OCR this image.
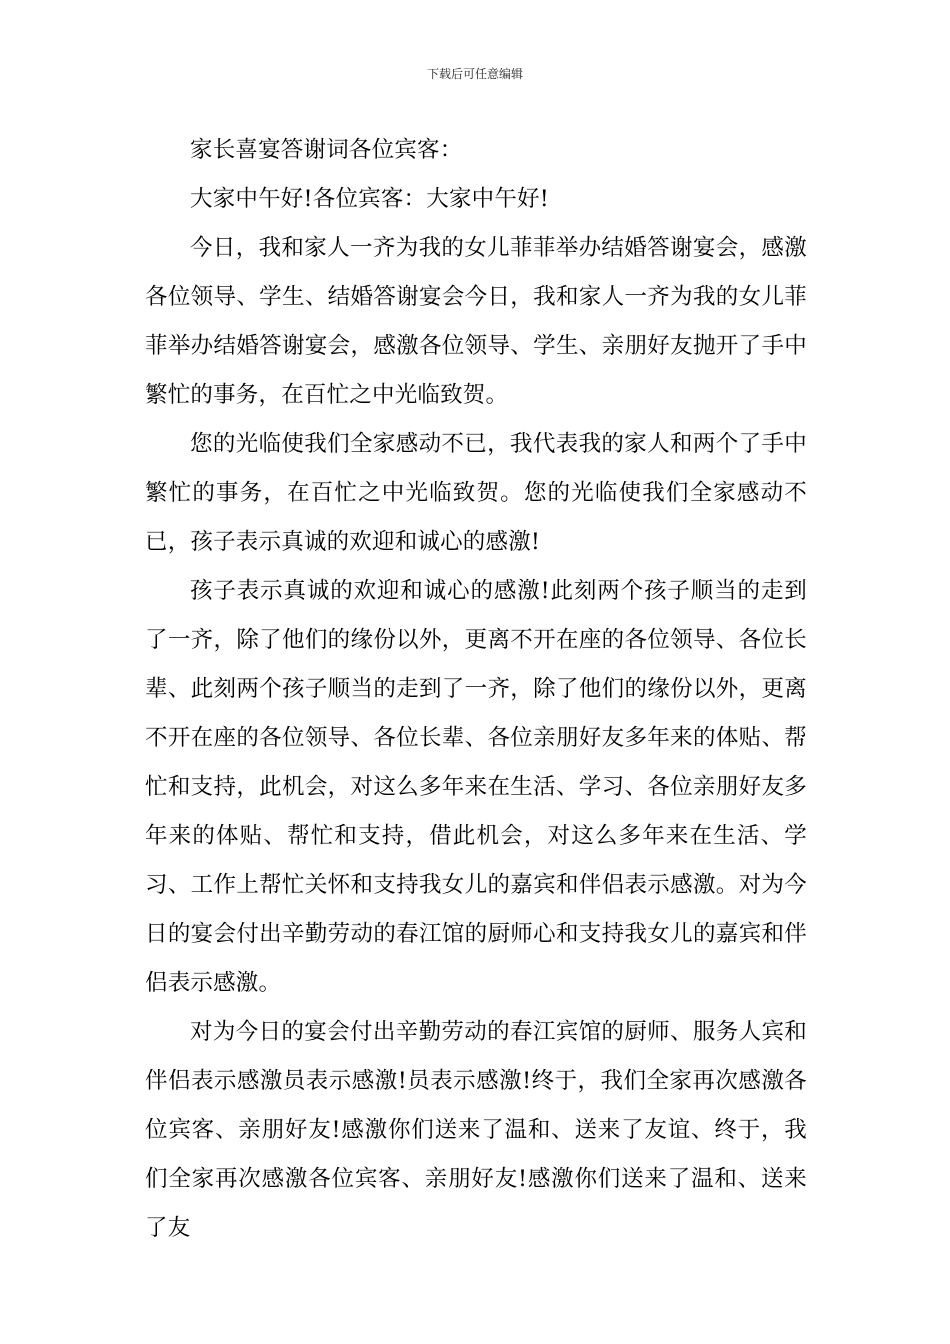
下载后可任意编辑

家长喜宴答谢词各位宾客：

大家中午好!各位宾客：大家中午好!

今日，我和家人一齐为我的女儿菲菲举办结婚答谢宴会，感激各位领导、学生、结婚答谢宴会今日，我和家人一齐为我的女儿菲菲举办结婚答谢宴会，感激各位领导、学生、亲朋好友抛开了手中繁忙的事务，在百忙之中光临致贺。

您的光临使我们全家感动不已，我代表我的家人和两个了手中繁忙的事务，在百忙之中光临致贺。您的光临使我们全家感动不已，孩子表示真诚的欢迎和诚心的感激!

孩子表示真诚的欢迎和诚心的感激!此刻两个孩子顺当的走到了一齐，除了他们的缘份以外，更离不开在座的各位领导、各位长辈、此刻两个孩子顺当的走到了一齐，除了他们的缘份以外，更离不开在座的各位领导、各位长辈、各位亲朋好友多年来的体贴、帮忙和支持，此机会，对这么多年来在生活、学习、各位亲朋好友多年来的体贴、帮忙和支持，借此机会，对这么多年来在生活、学习、工作上帮忙关怀和支持我女儿的嘉宾和伴侣表示感激。对为今日的宴会付出辛勤劳动的春江馆的厨师心和支持我女儿的嘉宾和伴侣表示感激。

对为今日的宴会付出辛勤劳动的春江宾馆的厨师、服务人宾和伴侣表示感激员表示感激!员表示感激!终于，我们全家再次感激各位宾客、亲朋好友!感激你们送来了温和、送来了友谊、终于，我们全家再次感激各位宾客、亲朋好友!感激你们送来了温和、送来了友
